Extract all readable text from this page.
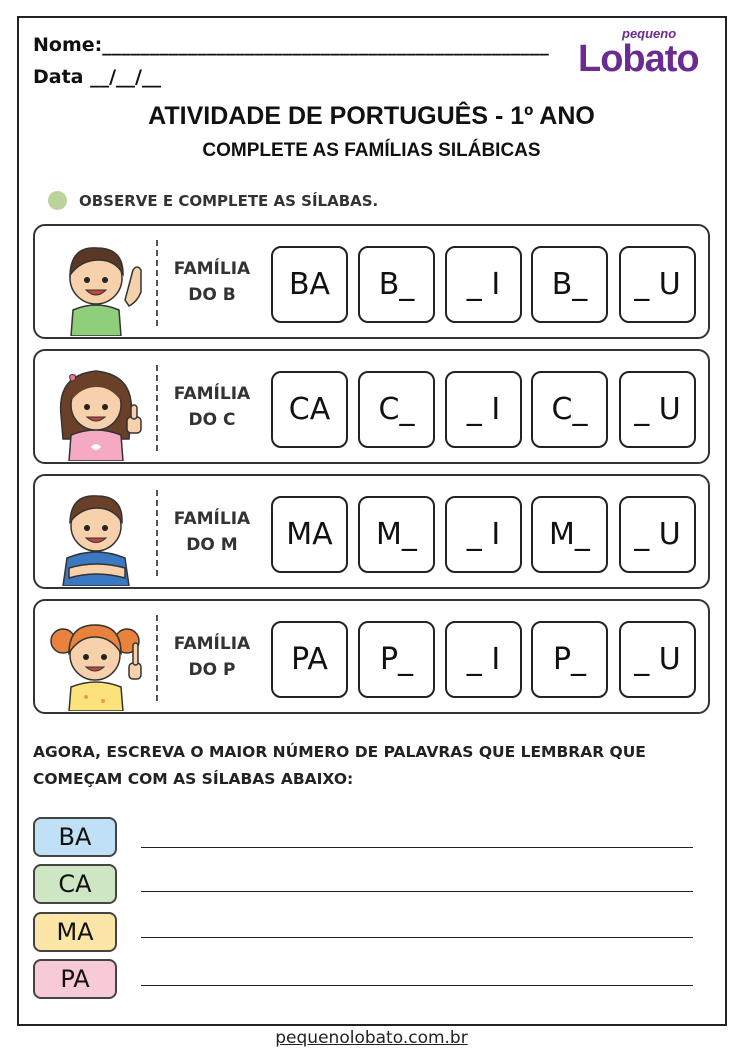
Nome:_______________________________________________
Data __/__/__
pequeno
Lobato
ATIVIDADE DE PORTUGUÊS - 1º ANO
COMPLETE AS FAMÍLIAS SILÁBICAS
OBSERVE E COMPLETE AS SÍLABAS.
FAMÍLIA
DO B	BA	B_	_ I	B_	_ U
FAMÍLIA
DO C	CA	C_	_ I	C_	_ U
FAMÍLIA
DO M	MA	M_	_ I	M_	_ U
FAMÍLIA
DO P	PA	P_	_ I	P_	_ U
AGORA, ESCREVA O MAIOR NÚMERO DE PALAVRAS QUE LEMBRAR QUE COMEÇAM COM AS SÍLABAS ABAIXO:
BA
CA
MA
PA
pequenolobato.com.br
